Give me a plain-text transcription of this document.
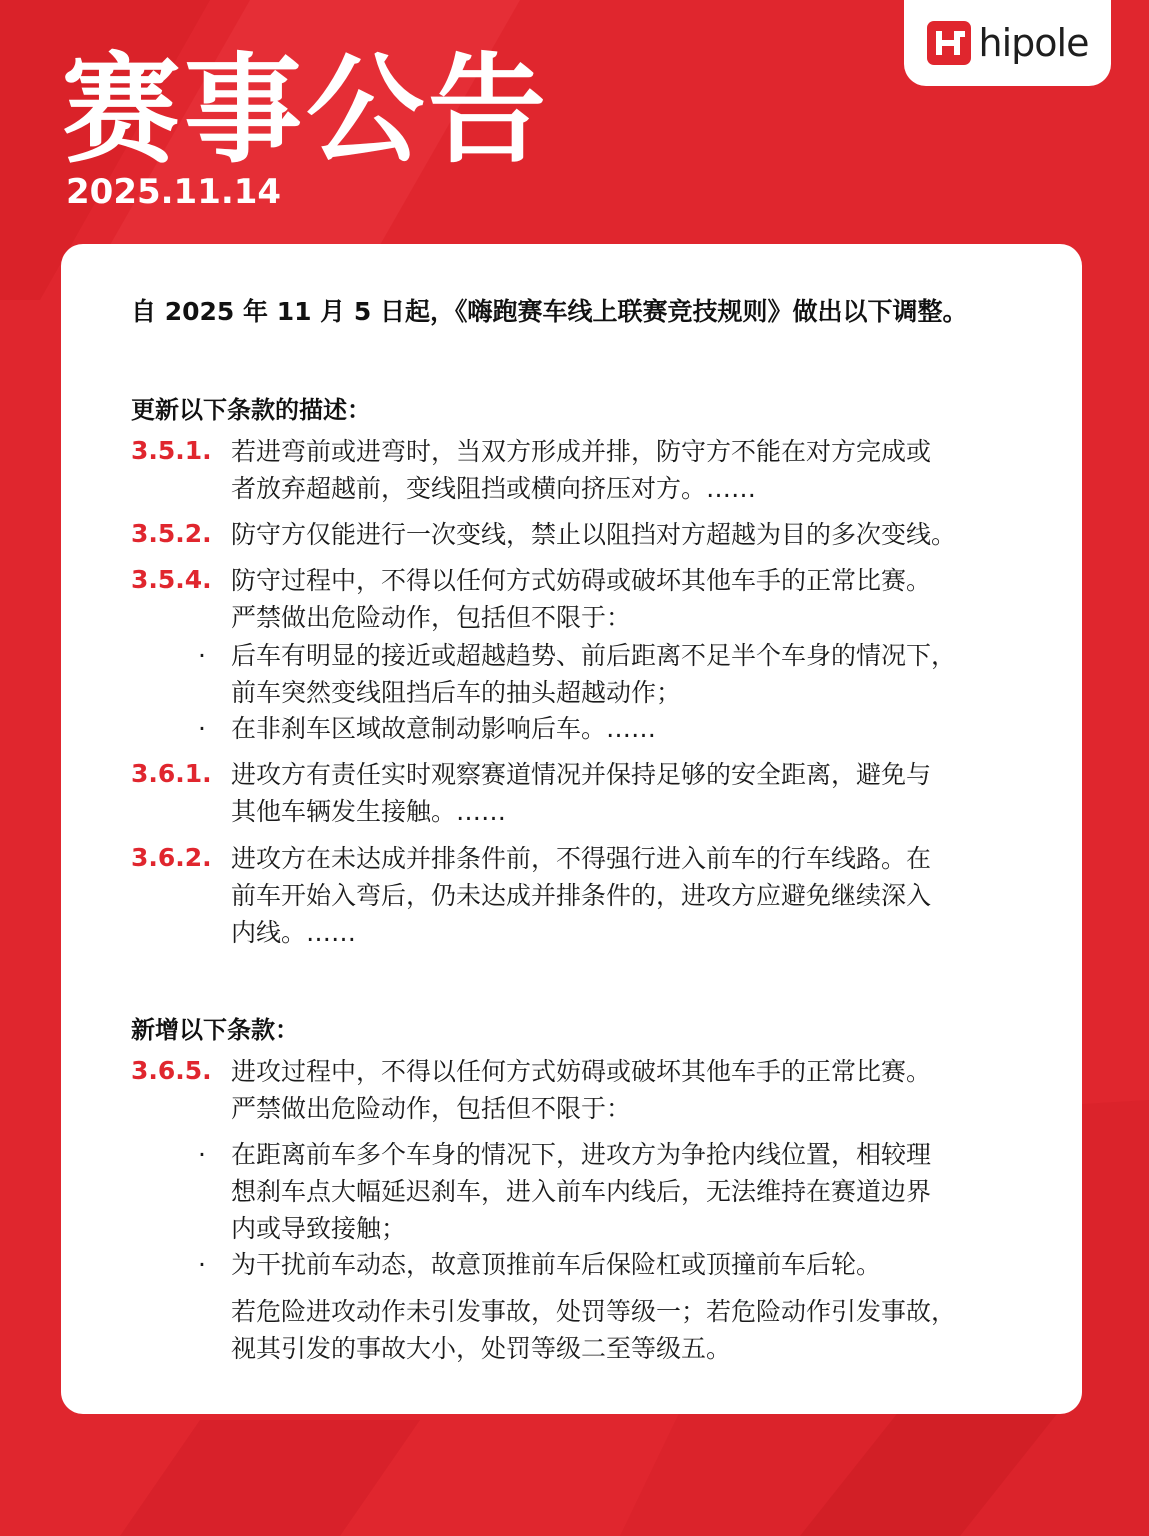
hipole
赛事公告
2025.11.14
自 2025 年 11 月 5 日起，《嗨跑赛车线上联赛竞技规则》做出以下调整。
更新以下条款的描述：
3.5.1. 若进弯前或进弯时，当双方形成并排，防守方不能在对方完成或
者放弃超越前，变线阻挡或横向挤压对方。……
3.5.2. 防守方仅能进行一次变线，禁止以阻挡对方超越为目的多次变线。
3.5.4. 防守过程中，不得以任何方式妨碍或破坏其他车手的正常比赛。
严禁做出危险动作，包括但不限于：
· 后车有明显的接近或超越趋势、前后距离不足半个车身的情况下，
前车突然变线阻挡后车的抽头超越动作；
· 在非刹车区域故意制动影响后车。……
3.6.1. 进攻方有责任实时观察赛道情况并保持足够的安全距离，避免与
其他车辆发生接触。……
3.6.2. 进攻方在未达成并排条件前，不得强行进入前车的行车线路。在
前车开始入弯后，仍未达成并排条件的，进攻方应避免继续深入
内线。……
新增以下条款：
3.6.5. 进攻过程中，不得以任何方式妨碍或破坏其他车手的正常比赛。
严禁做出危险动作，包括但不限于：
· 在距离前车多个车身的情况下，进攻方为争抢内线位置，相较理
想刹车点大幅延迟刹车，进入前车内线后，无法维持在赛道边界
内或导致接触；
· 为干扰前车动态，故意顶推前车后保险杠或顶撞前车后轮。
若危险进攻动作未引发事故，处罚等级一；若危险动作引发事故，
视其引发的事故大小，处罚等级二至等级五。
